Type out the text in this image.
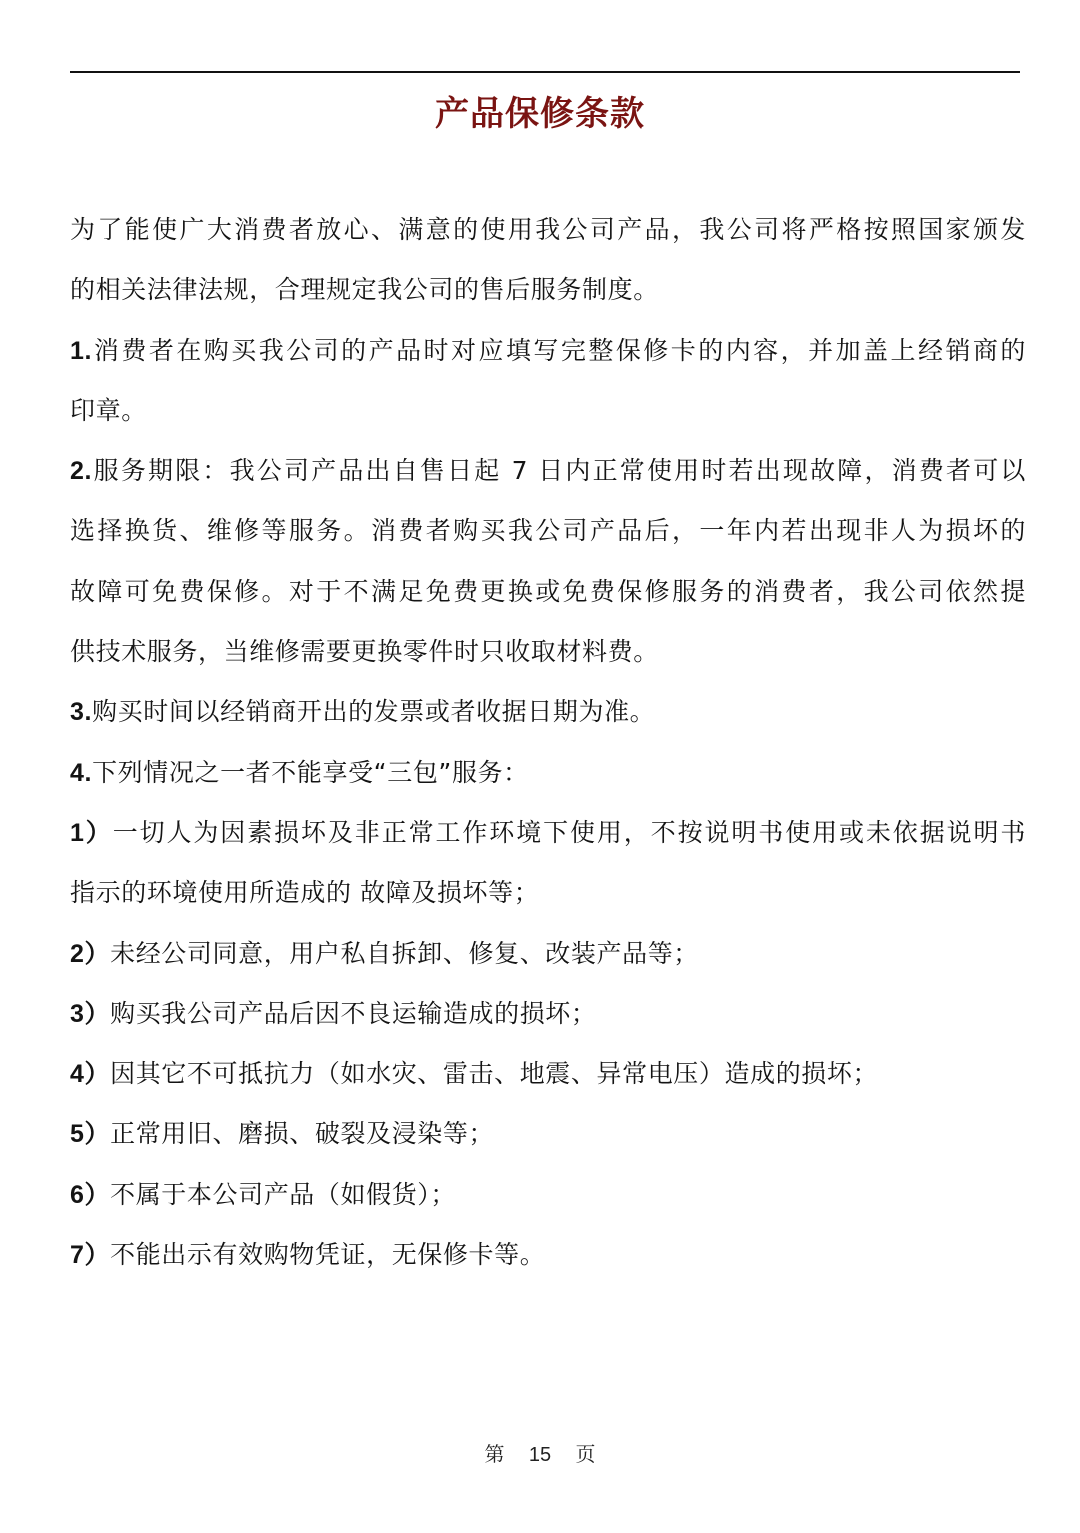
产品保修条款
为了能使广大消费者放心、满意的使用我公司产品，我公司将严格按照国家颁发
的相关法律法规，合理规定我公司的售后服务制度。
1.消费者在购买我公司的产品时对应填写完整保修卡的内容，并加盖上经销商的
印章。
2.服务期限：我公司产品出自售日起 7 日内正常使用时若出现故障，消费者可以
选择换货、维修等服务。消费者购买我公司产品后，一年内若出现非人为损坏的
故障可免费保修。对于不满足免费更换或免费保修服务的消费者，我公司依然提
供技术服务，当维修需要更换零件时只收取材料费。
3.购买时间以经销商开出的发票或者收据日期为准。
4.下列情况之一者不能享受“三包”服务：
1）一切人为因素损坏及非正常工作环境下使用，不按说明书使用或未依据说明书
指示的环境使用所造成的 故障及损坏等；
2）未经公司同意，用户私自拆卸、修复、改装产品等；
3）购买我公司产品后因不良运输造成的损坏；
4）因其它不可抵抗力（如水灾、雷击、地震、异常电压）造成的损坏；
5）正常用旧、磨损、破裂及浸染等；
6）不属于本公司产品（如假货）；
7）不能出示有效购物凭证，无保修卡等。
第 15 页
